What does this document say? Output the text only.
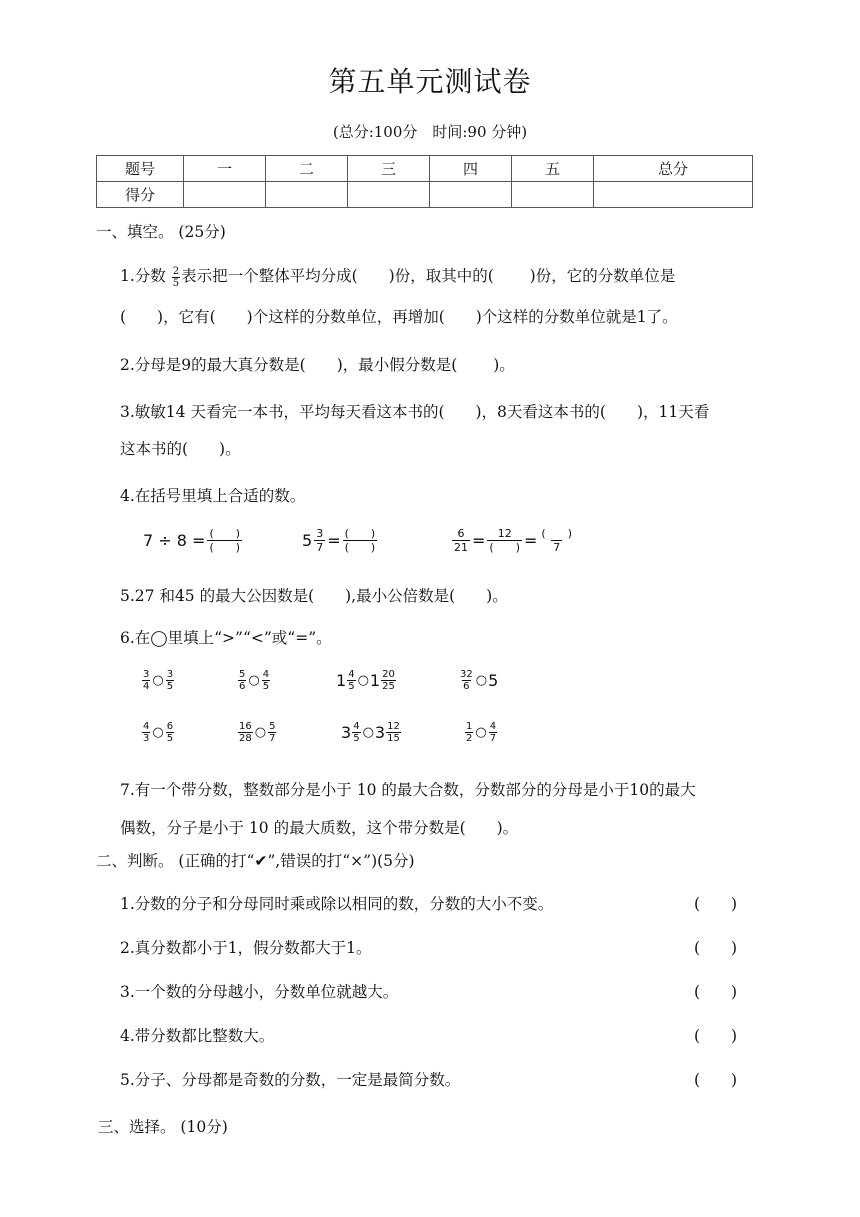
第五单元测试卷
(总分:100分　时间:90 分钟)
题号	一	二	三	四	五	总分
得分						
一、填空。 (25分)
1.分数 $\frac{2}{5}$ 表示把一个整体平均分成(　　)份，取其中的(　　 )份，它的分数单位是
(　　)，它有(　　)个这样的分数单位，再增加(　　)个这样的分数单位就是1了。
2.分母是9的最大真分数是(　　)，最小假分数是(　　 )。
3.敏敏14 天看完一本书，平均每天看这本书的(　　)，8天看这本书的(　　)，11天看
这本书的(　　)。
4.在括号里填上合适的数。
7 ÷ 8 = (　　)
(　　)	$5 \frac{3}{7}$ = (　　)
(　　)	$\frac{6}{21} = 12$
(　　) = (　　)
7
5.27 和45 的最大公因数是(　　),最小公倍数是(　　)。
6.在◯里填上“>”“<”或“=”。
$\frac{3}{4}$ ○ $\frac{3}{5}$	$\frac{5}{6}$ ○ $\frac{4}{5}$	$1 \frac{4}{5}$ ○ $1 \frac{20}{25}$	$\frac{32}{6}$ ○ 5
$\frac{4}{3}$ ○ $\frac{6}{5}$	$\frac{16}{28}$ ○ $\frac{5}{7}$	$3 \frac{4}{5}$ ○ $3 \frac{12}{15}$	$\frac{1}{2}$ ○ $\frac{4}{7}$
7.有一个带分数，整数部分是小于 10 的最大合数，分数部分的分母是小于10的最大
偶数，分子是小于 10 的最大质数，这个带分数是(　　)。
二、判断。 (正确的打“✔”,错误的打“×”)(5分)
1.分数的分子和分母同时乘或除以相同的数，分数的大小不变。	(　　)
2.真分数都小于1，假分数都大于1。	(　　)
3.一个数的分母越小，分数单位就越大。	(　　)
4.带分数都比整数大。	(　　)
5.分子、分母都是奇数的分数，一定是最简分数。	(　　)
三、选择。 (10分)
